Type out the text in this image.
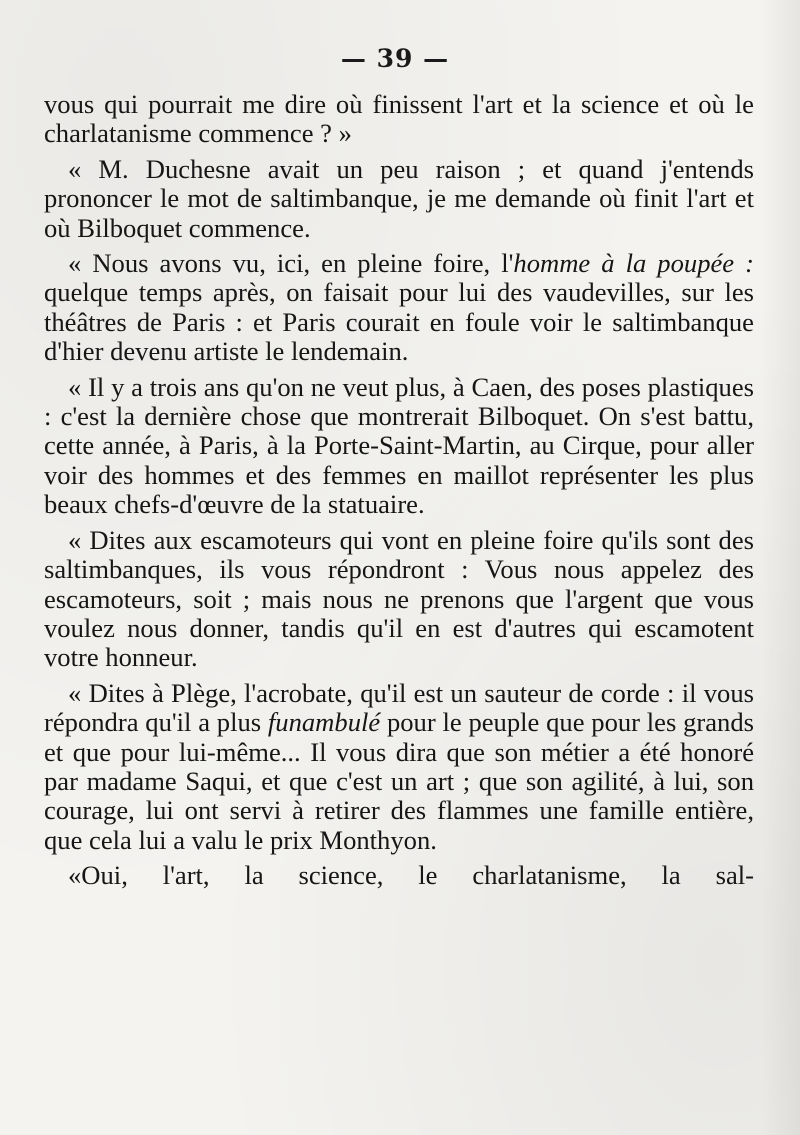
— 39 —

vous qui pourrait me dire où finissent l'art et la science et où le charlatanisme commence ? »

« M. Duchesne avait un peu raison ; et quand j'entends prononcer le mot de saltimbanque, je me demande où finit l'art et où Bilboquet commence.

« Nous avons vu, ici, en pleine foire, l'homme à la poupée : quelque temps après, on faisait pour lui des vaudevilles, sur les théâtres de Paris : et Paris courait en foule voir le saltimbanque d'hier devenu artiste le lendemain.

« Il y a trois ans qu'on ne veut plus, à Caen, des poses plastiques : c'est la dernière chose que montrerait Bilboquet. On s'est battu, cette année, à Paris, à la Porte-Saint-Martin, au Cirque, pour aller voir des hommes et des femmes en maillot représenter les plus beaux chefs-d'œuvre de la statuaire.

« Dites aux escamoteurs qui vont en pleine foire qu'ils sont des saltimbanques, ils vous répondront : Vous nous appelez des escamoteurs, soit ; mais nous ne prenons que l'argent que vous voulez nous donner, tandis qu'il en est d'autres qui escamotent votre honneur.

« Dites à Plège, l'acrobate, qu'il est un sauteur de corde : il vous répondra qu'il a plus funambulé pour le peuple que pour les grands et que pour lui-même... Il vous dira que son métier a été honoré par madame Saqui, et que c'est un art ; que son agilité, à lui, son courage, lui ont servi à retirer des flammes une famille entière, que cela lui a valu le prix Monthyon.

«Oui, l'art, la science, le charlatanisme, la sal-
